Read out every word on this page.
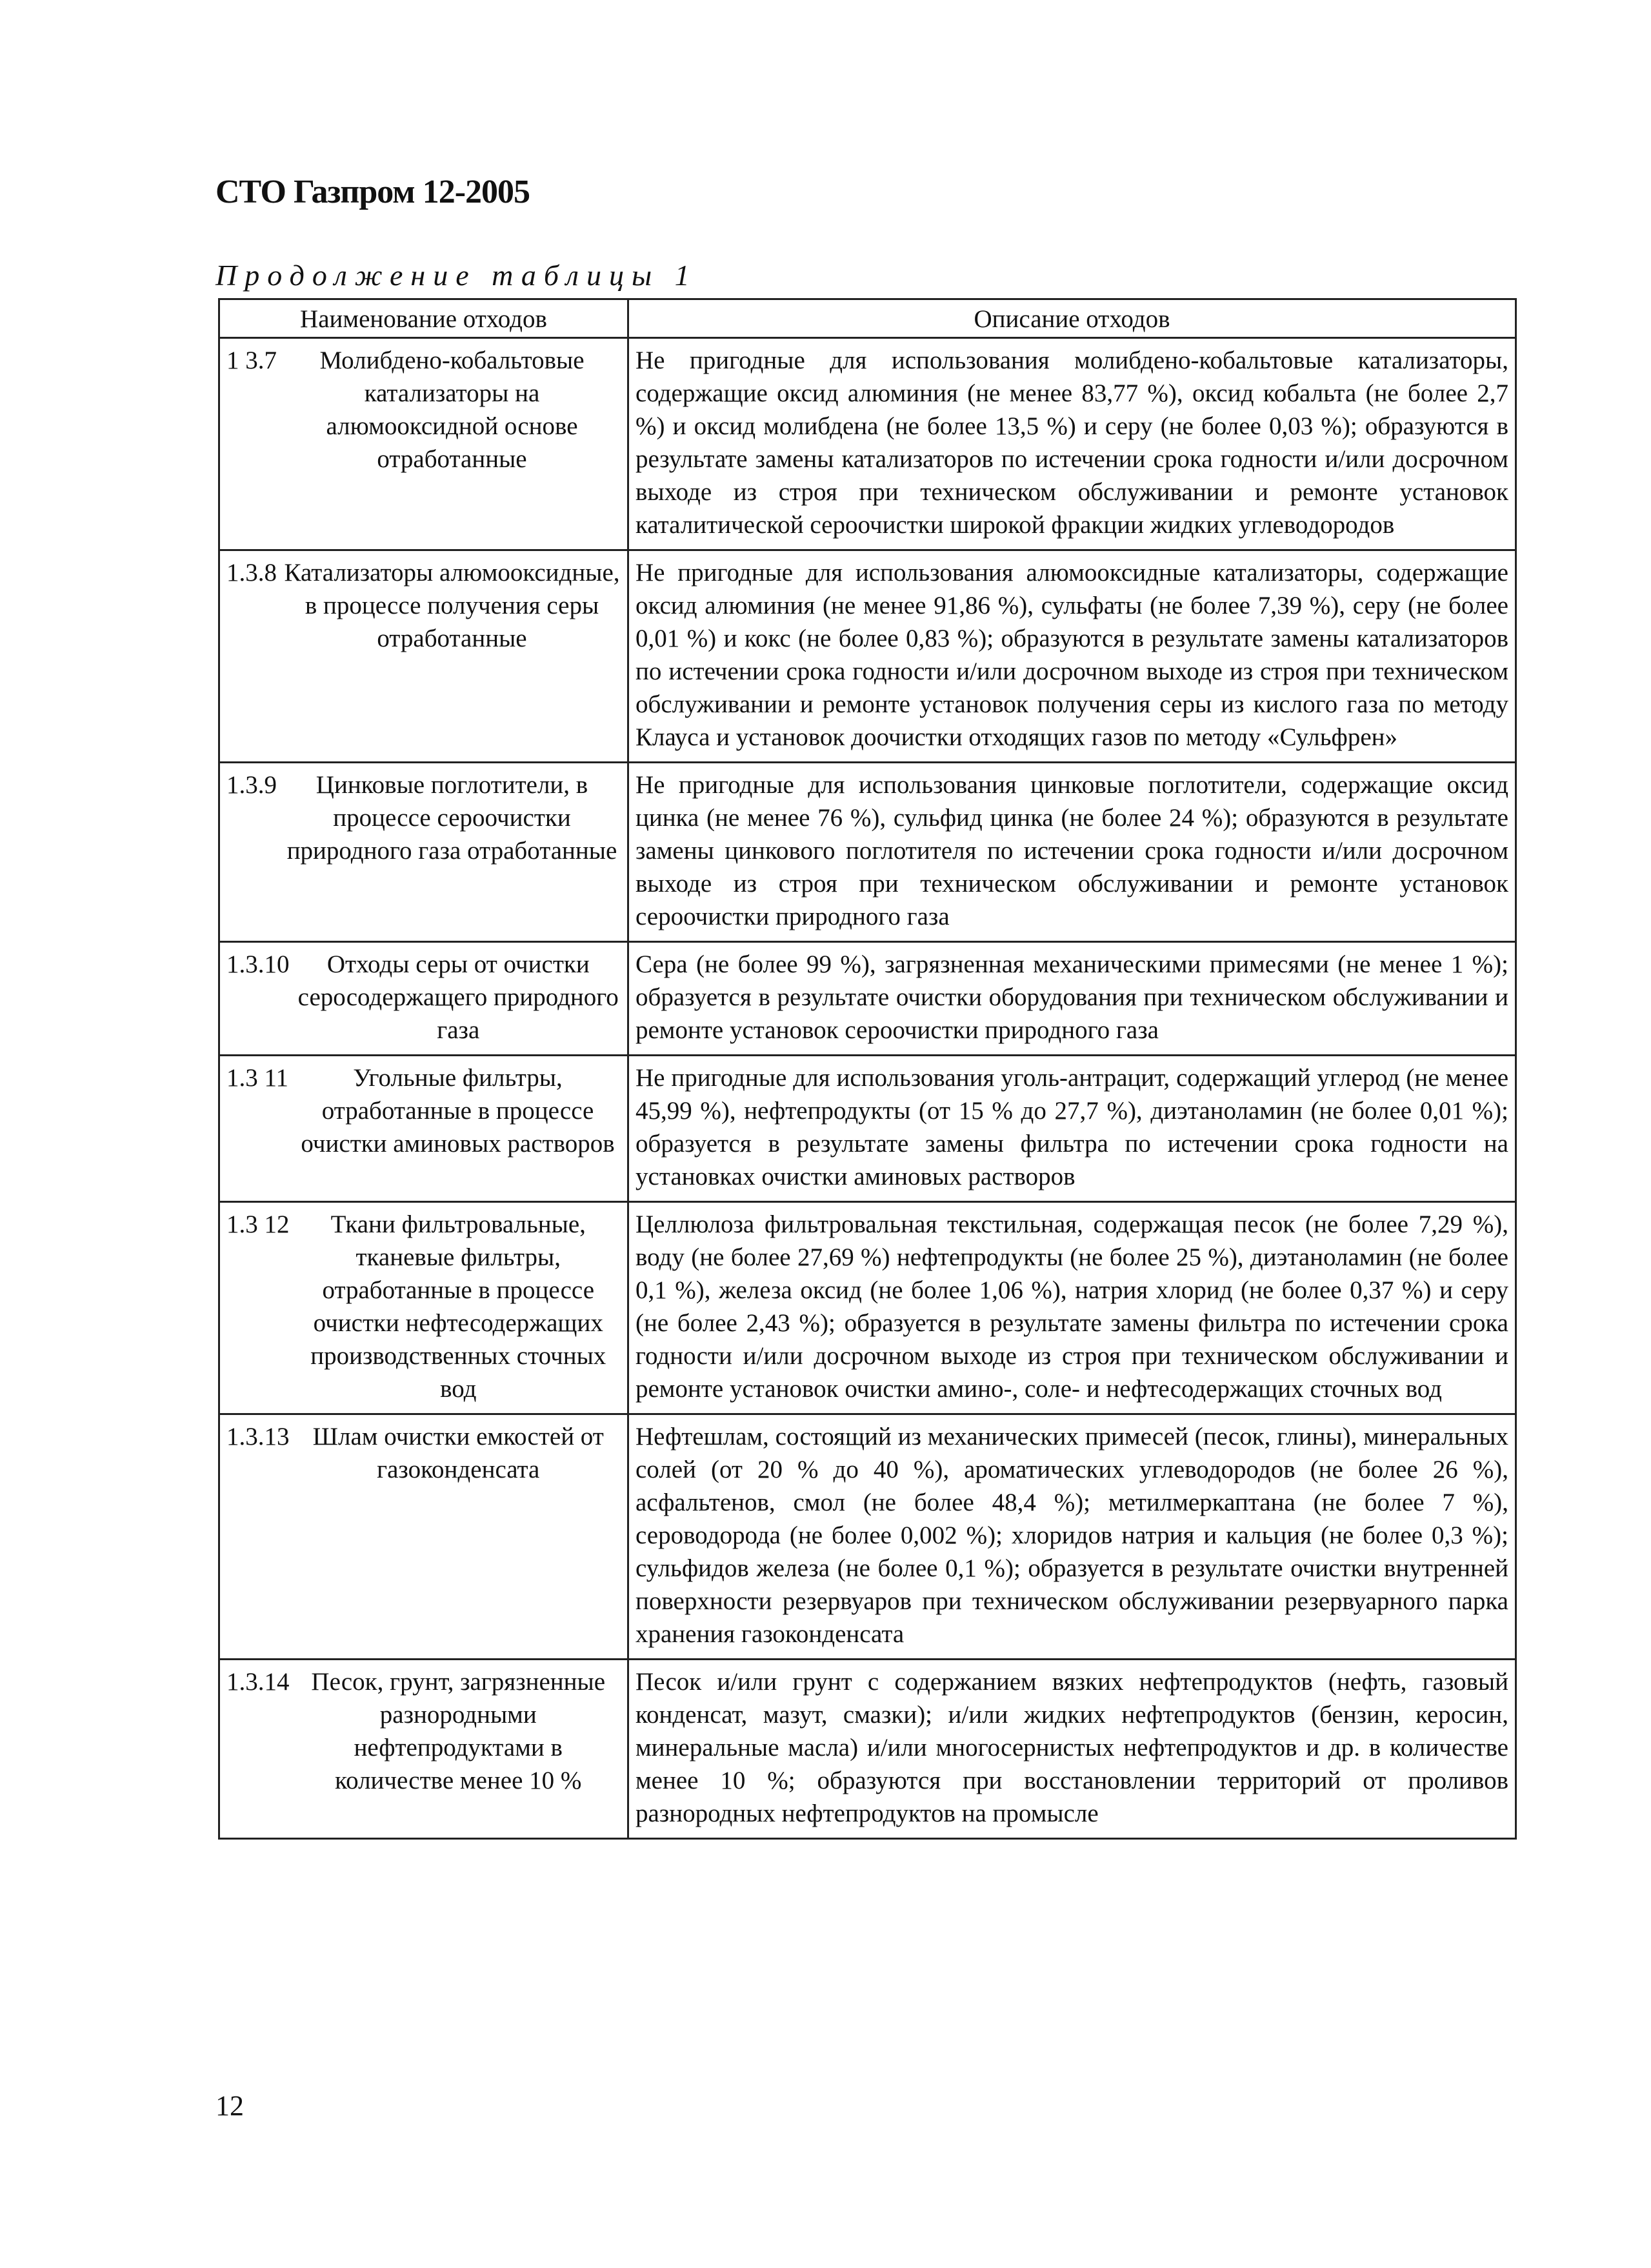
СТО Газпром 12-2005
Продолжение таблицы 1
Наименование отходов	Описание отходов

1 3.7 Молибдено-кобальтовые катализаторы на алюмооксидной основе отработанные	Не пригодные для использования молибдено-кобальтовые катализаторы, содержащие оксид алюминия (не менее 83,77 %), оксид кобальта (не более 2,7 %) и оксид молибдена (не более 13,5 %) и серу (не более 0,03 %); образуются в результате замены катализаторов по истечении срока годности и/или досрочном выходе из строя при техническом обслуживании и ремонте установок каталитической сероочистки широкой фракции жидких углеводородов

1.3.8 Катализаторы алюмооксидные, в процессе получения серы отработанные	Не пригодные для использования алюмооксидные катализаторы, содержащие оксид алюминия (не менее 91,86 %), сульфаты (не более 7,39 %), серу (не более 0,01 %) и кокс (не более 0,83 %); образуются в результате замены катализаторов по истечении срока годности и/или досрочном выходе из строя при техническом обслуживании и ремонте установок получения серы из кислого газа по методу Клауса и установок доочистки отходящих газов по методу «Сульфрен»

1.3.9 Цинковые поглотители, в процессе сероочистки природного газа отработанные	Не пригодные для использования цинковые поглотители, содержащие оксид цинка (не менее 76 %), сульфид цинка (не более 24 %); образуются в результате замены цинкового поглотителя по истечении срока годности и/или досрочном выходе из строя при техническом обслуживании и ремонте установок сероочистки природного газа

1.3.10 Отходы серы от очистки серосодержащего природного газа	Сера (не более 99 %), загрязненная механическими примесями (не менее 1 %); образуется в результате очистки оборудования при техническом обслуживании и ремонте установок сероочистки природного газа

1.3 11 Угольные фильтры, отработанные в процессе очистки аминовых растворов	Не пригодные для использования уголь-антрацит, содержащий углерод (не менее 45,99 %), нефтепродукты (от 15 % до 27,7 %), диэтаноламин (не более 0,01 %); образуется в результате замены фильтра по истечении срока годности на установках очистки аминовых растворов

1.3 12 Ткани фильтровальные, тканевые фильтры, отработанные в процессе очистки нефтесодержащих производственных сточных вод	Целлюлоза фильтровальная текстильная, содержащая песок (не более 7,29 %), воду (не более 27,69 %) нефтепродукты (не более 25 %), диэтаноламин (не более 0,1 %), железа оксид (не более 1,06 %), натрия хлорид (не более 0,37 %) и серу (не более 2,43 %); образуется в результате замены фильтра по истечении срока годности и/или досрочном выходе из строя при техническом обслуживании и ремонте установок очистки амино-, соле- и нефтесодержащих сточных вод

1.3.13 Шлам очистки емкостей от газоконденсата	Нефтешлам, состоящий из механических примесей (песок, глины), минеральных солей (от 20 % до 40 %), ароматических углеводородов (не более 26 %), асфальтенов, смол (не более 48,4 %); метилмеркаптана (не более 7 %), сероводорода (не более 0,002 %); хлоридов натрия и кальция (не более 0,3 %); сульфидов железа (не более 0,1 %); образуется в результате очистки внутренней поверхности резервуаров при техническом обслуживании резервуарного парка хранения газоконденсата

1.3.14 Песок, грунт, загрязненные разнородными нефтепродуктами в количестве менее 10 %	Песок и/или грунт с содержанием вязких нефтепродуктов (нефть, газовый конденсат, мазут, смазки); и/или жидких нефтепродуктов (бензин, керосин, минеральные масла) и/или многосернистых нефтепродуктов и др. в количестве менее 10 %; образуются при восстановлении территорий от проливов разнородных нефтепродуктов на промысле
12
